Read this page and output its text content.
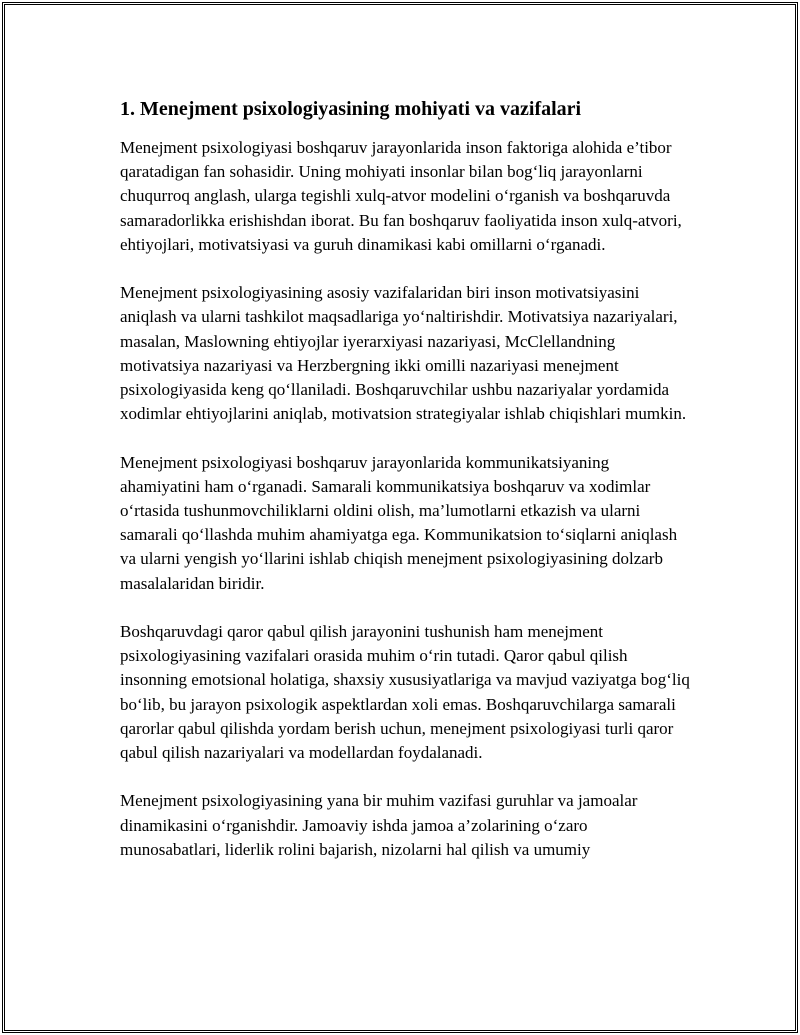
1. Menejment psixologiyasining mohiyati va vazifalari

Menejment psixologiyasi boshqaruv jarayonlarida inson faktoriga alohida e’tibor qaratadigan fan sohasidir. Uning mohiyati insonlar bilan bog‘liq jarayonlarni chuqurroq anglash, ularga tegishli xulq-atvor modelini o‘rganish va boshqaruvda samaradorlikka erishishdan iborat. Bu fan boshqaruv faoliyatida inson xulq-atvori, ehtiyojlari, motivatsiyasi va guruh dinamikasi kabi omillarni o‘rganadi.

Menejment psixologiyasining asosiy vazifalaridan biri inson motivatsiyasini aniqlash va ularni tashkilot maqsadlariga yo‘naltirishdir. Motivatsiya nazariyalari, masalan, Maslowning ehtiyojlar iyerarxiyasi nazariyasi, McClellandning motivatsiya nazariyasi va Herzbergning ikki omilli nazariyasi menejment psixologiyasida keng qo‘llaniladi. Boshqaruvchilar ushbu nazariyalar yordamida xodimlar ehtiyojlarini aniqlab, motivatsion strategiyalar ishlab chiqishlari mumkin.

Menejment psixologiyasi boshqaruv jarayonlarida kommunikatsiyaning ahamiyatini ham o‘rganadi. Samarali kommunikatsiya boshqaruv va xodimlar o‘rtasida tushunmovchiliklarni oldini olish, ma’lumotlarni etkazish va ularni samarali qo‘llashda muhim ahamiyatga ega. Kommunikatsion to‘siqlarni aniqlash va ularni yengish yo‘llarini ishlab chiqish menejment psixologiyasining dolzarb masalalaridan biridir.

Boshqaruvdagi qaror qabul qilish jarayonini tushunish ham menejment psixologiyasining vazifalari orasida muhim o‘rin tutadi. Qaror qabul qilish insonning emotsional holatiga, shaxsiy xususiyatlariga va mavjud vaziyatga bog‘liq bo‘lib, bu jarayon psixologik aspektlardan xoli emas. Boshqaruvchilarga samarali qarorlar qabul qilishda yordam berish uchun, menejment psixologiyasi turli qaror qabul qilish nazariyalari va modellardan foydalanadi.

Menejment psixologiyasining yana bir muhim vazifasi guruhlar va jamoalar dinamikasini o‘rganishdir. Jamoaviy ishda jamoa a’zolarining o‘zaro munosabatlari, liderlik rolini bajarish, nizolarni hal qilish va umumiy
